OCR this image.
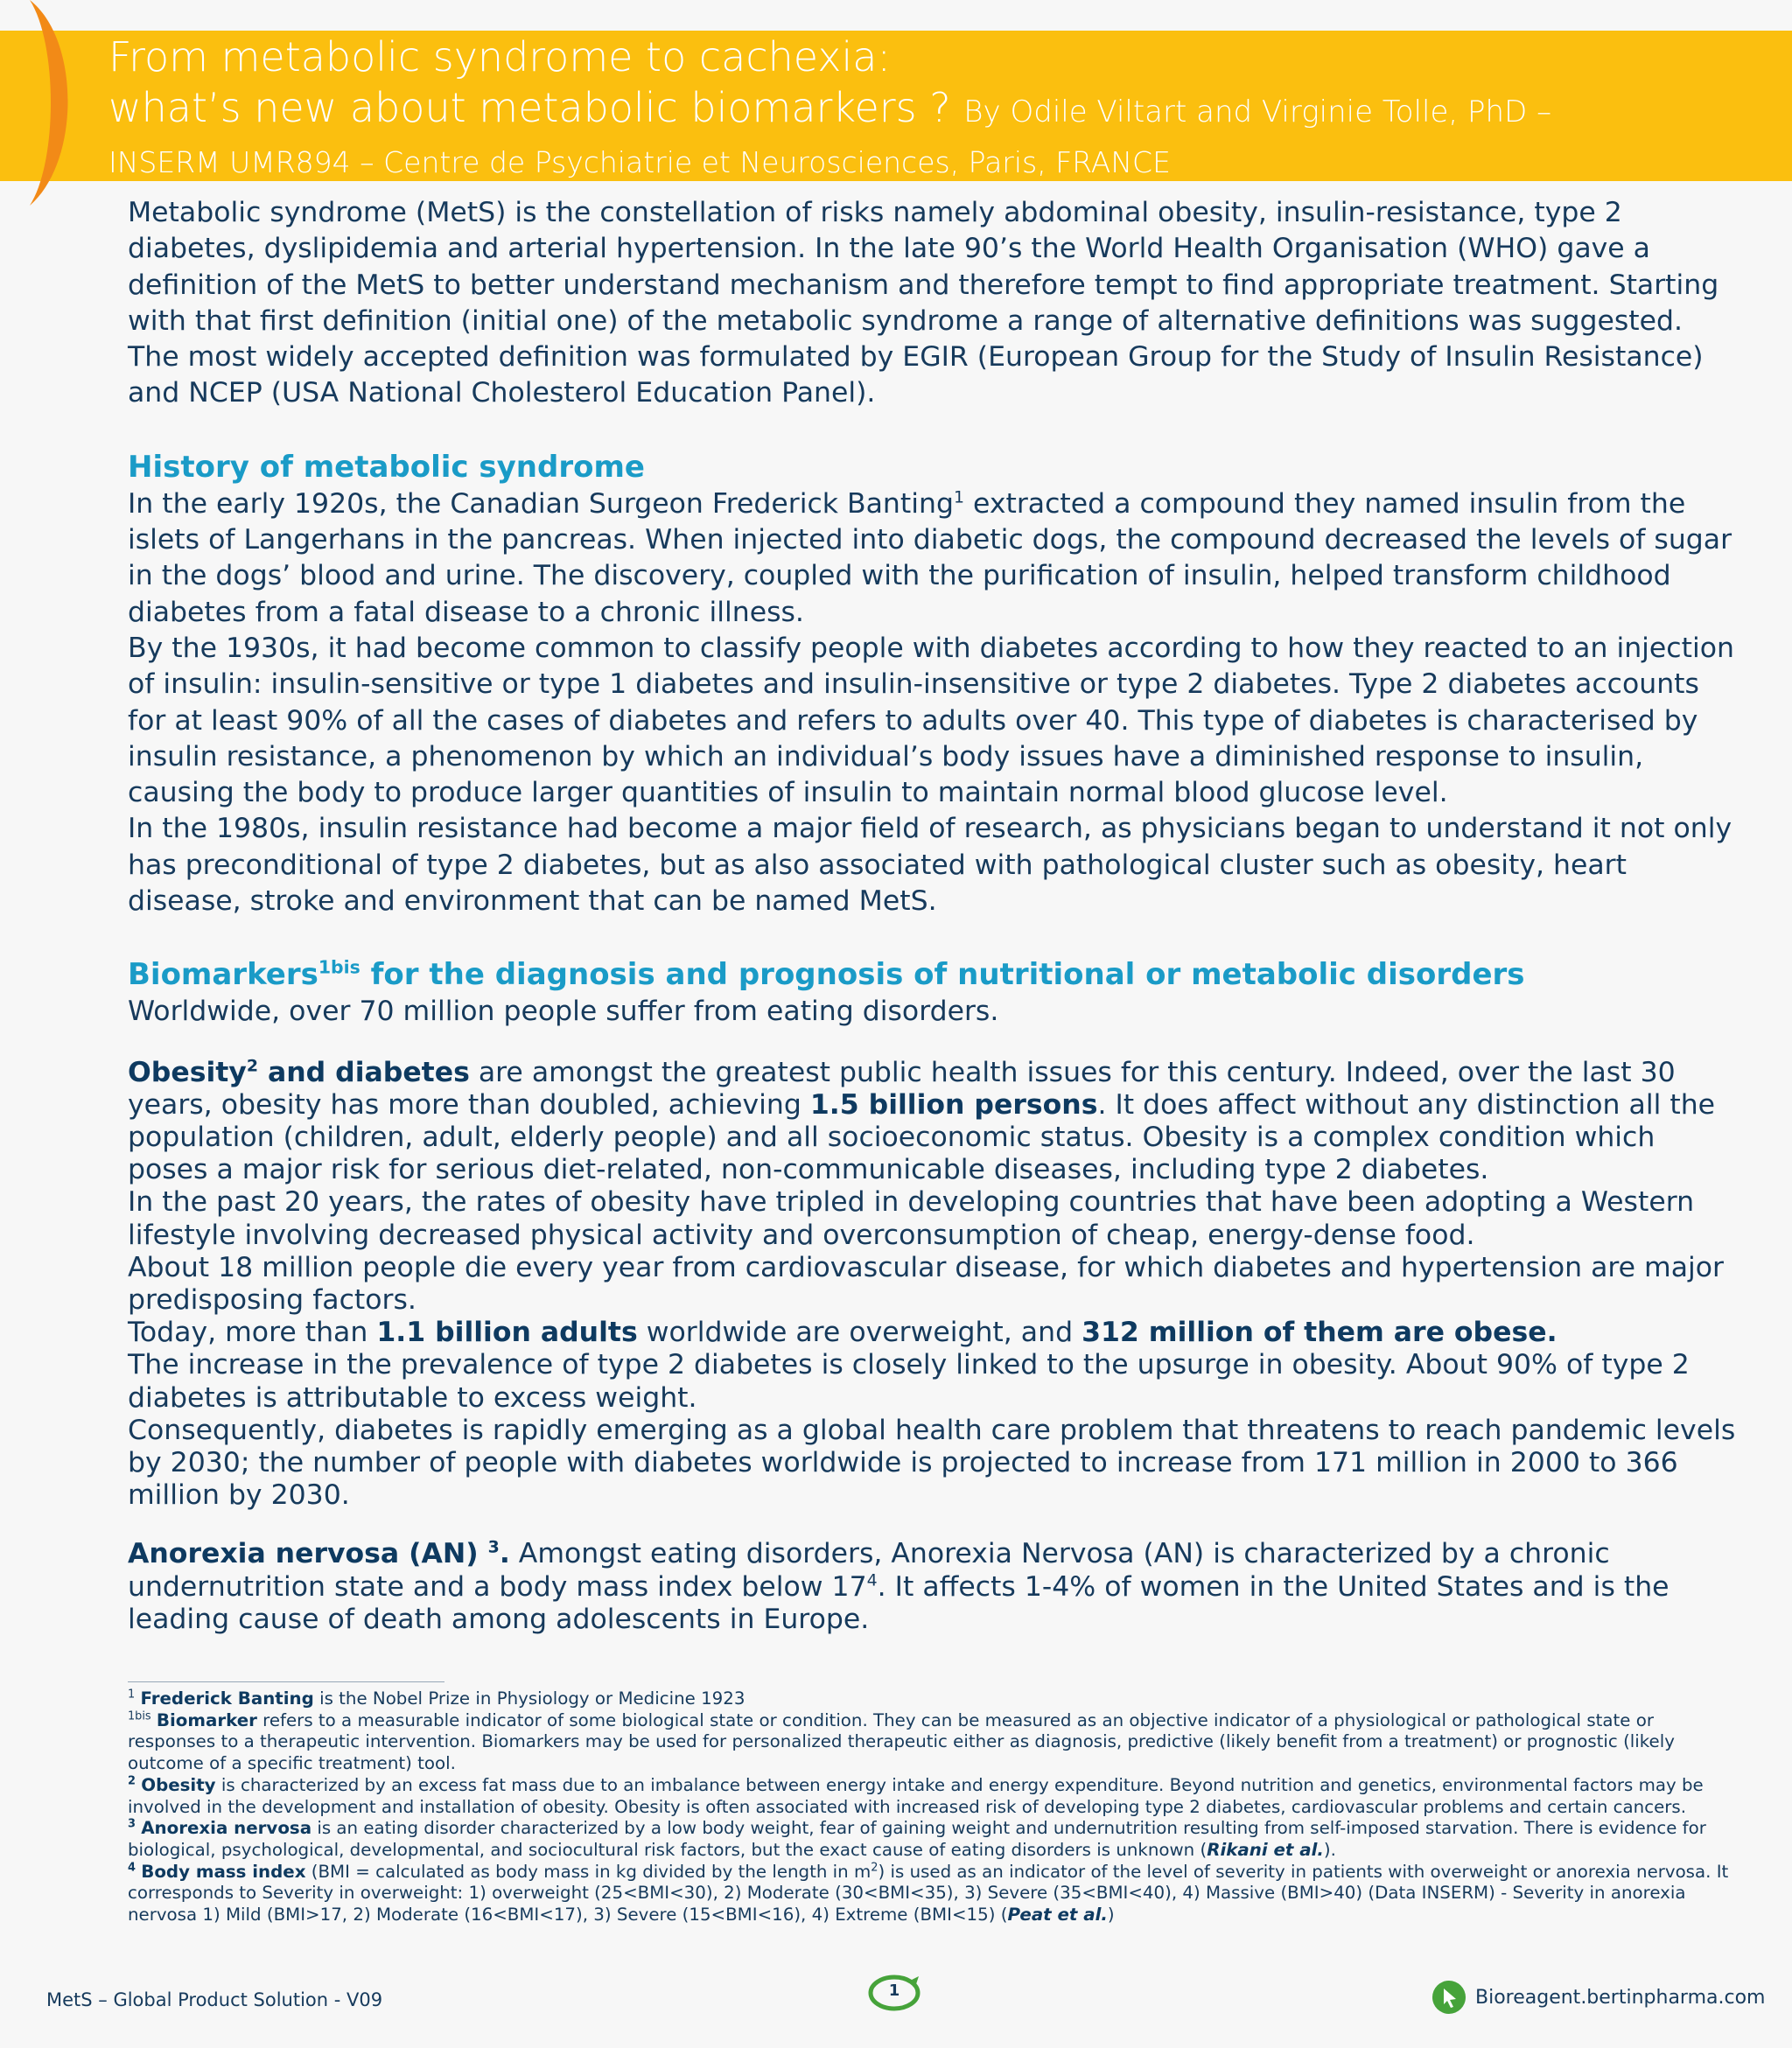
From metabolic syndrome to cachexia:
what’s new about metabolic biomarkers ? By Odile Viltart and Virginie Tolle, PhD –
INSERM UMR894 – Centre de Psychiatrie et Neurosciences, Paris, FRANCE

Metabolic syndrome (MetS) is the constellation of risks namely abdominal obesity, insulin-resistance, type 2 diabetes, dyslipidemia and arterial hypertension. In the late 90’s the World Health Organisation (WHO) gave a definition of the MetS to better understand mechanism and therefore tempt to find appropriate treatment. Starting with that first definition (initial one) of the metabolic syndrome a range of alternative definitions was suggested. The most widely accepted definition was formulated by EGIR (European Group for the Study of Insulin Resistance) and NCEP (USA National Cholesterol Education Panel).

History of metabolic syndrome

In the early 1920s, the Canadian Surgeon Frederick Banting$^1$ extracted a compound they named insulin from the islets of Langerhans in the pancreas. When injected into diabetic dogs, the compound decreased the levels of sugar in the dogs’ blood and urine. The discovery, coupled with the purification of insulin, helped transform childhood diabetes from a fatal disease to a chronic illness.

By the 1930s, it had become common to classify people with diabetes according to how they reacted to an injection of insulin: insulin-sensitive or type 1 diabetes and insulin-insensitive or type 2 diabetes. Type 2 diabetes accounts for at least 90% of all the cases of diabetes and refers to adults over 40. This type of diabetes is characterised by insulin resistance, a phenomenon by which an individual’s body issues have a diminished response to insulin, causing the body to produce larger quantities of insulin to maintain normal blood glucose level.

In the 1980s, insulin resistance had become a major field of research, as physicians began to understand it not only has preconditional of type 2 diabetes, but as also associated with pathological cluster such as obesity, heart disease, stroke and environment that can be named MetS.

Biomarkers$^{1bis}$ for the diagnosis and prognosis of nutritional or metabolic disorders

Worldwide, over 70 million people suffer from eating disorders.

Obesity$^2$ and diabetes are amongst the greatest public health issues for this century. Indeed, over the last 30 years, obesity has more than doubled, achieving 1.5 billion persons. It does affect without any distinction all the population (children, adult, elderly people) and all socioeconomic status. Obesity is a complex condition which poses a major risk for serious diet-related, non-communicable diseases, including type 2 diabetes.

In the past 20 years, the rates of obesity have tripled in developing countries that have been adopting a Western lifestyle involving decreased physical activity and overconsumption of cheap, energy-dense food.

About 18 million people die every year from cardiovascular disease, for which diabetes and hypertension are major predisposing factors.

Today, more than 1.1 billion adults worldwide are overweight, and 312 million of them are obese.

The increase in the prevalence of type 2 diabetes is closely linked to the upsurge in obesity. About 90% of type 2 diabetes is attributable to excess weight.

Consequently, diabetes is rapidly emerging as a global health care problem that threatens to reach pandemic levels by 2030; the number of people with diabetes worldwide is projected to increase from 171 million in 2000 to 366 million by 2030.

Anorexia nervosa (AN) $^3$. Amongst eating disorders, Anorexia Nervosa (AN) is characterized by a chronic undernutrition state and a body mass index below $17^4$. It affects 1-4% of women in the United States and is the leading cause of death among adolescents in Europe.

$^1$ Frederick Banting is the Nobel Prize in Physiology or Medicine 1923

$^{1bis}$ Biomarker refers to a measurable indicator of some biological state or condition. They can be measured as an objective indicator of a physiological or pathological state or responses to a therapeutic intervention. Biomarkers may be used for personalized therapeutic either as diagnosis, predictive (likely benefit from a treatment) or prognostic (likely outcome of a specific treatment) tool.

$^2$ Obesity is characterized by an excess fat mass due to an imbalance between energy intake and energy expenditure. Beyond nutrition and genetics, environmental factors may be involved in the development and installation of obesity. Obesity is often associated with increased risk of developing type 2 diabetes, cardiovascular problems and certain cancers.

$^3$ Anorexia nervosa is an eating disorder characterized by a low body weight, fear of gaining weight and undernutrition resulting from self-imposed starvation. There is evidence for biological, psychological, developmental, and sociocultural risk factors, but the exact cause of eating disorders is unknown (Rikani et al.).

$^4$ Body mass index (BMI = calculated as body mass in kg divided by the length in $m^2$) is used as an indicator of the level of severity in patients with overweight or anorexia nervosa. It corresponds to Severity in overweight: 1) overweight (25<BMI<30), 2) Moderate (30<BMI<35), 3) Severe (35<BMI<40), 4) Massive (BMI>40) (Data INSERM) - Severity in anorexia nervosa 1) Mild (BMI>17, 2) Moderate (16<BMI<17), 3) Severe (15<BMI<16), 4) Extreme (BMI<15) (Peat et al.)

MetS – Global Product Solution - V09	1	Bioreagent.bertinpharma.com
